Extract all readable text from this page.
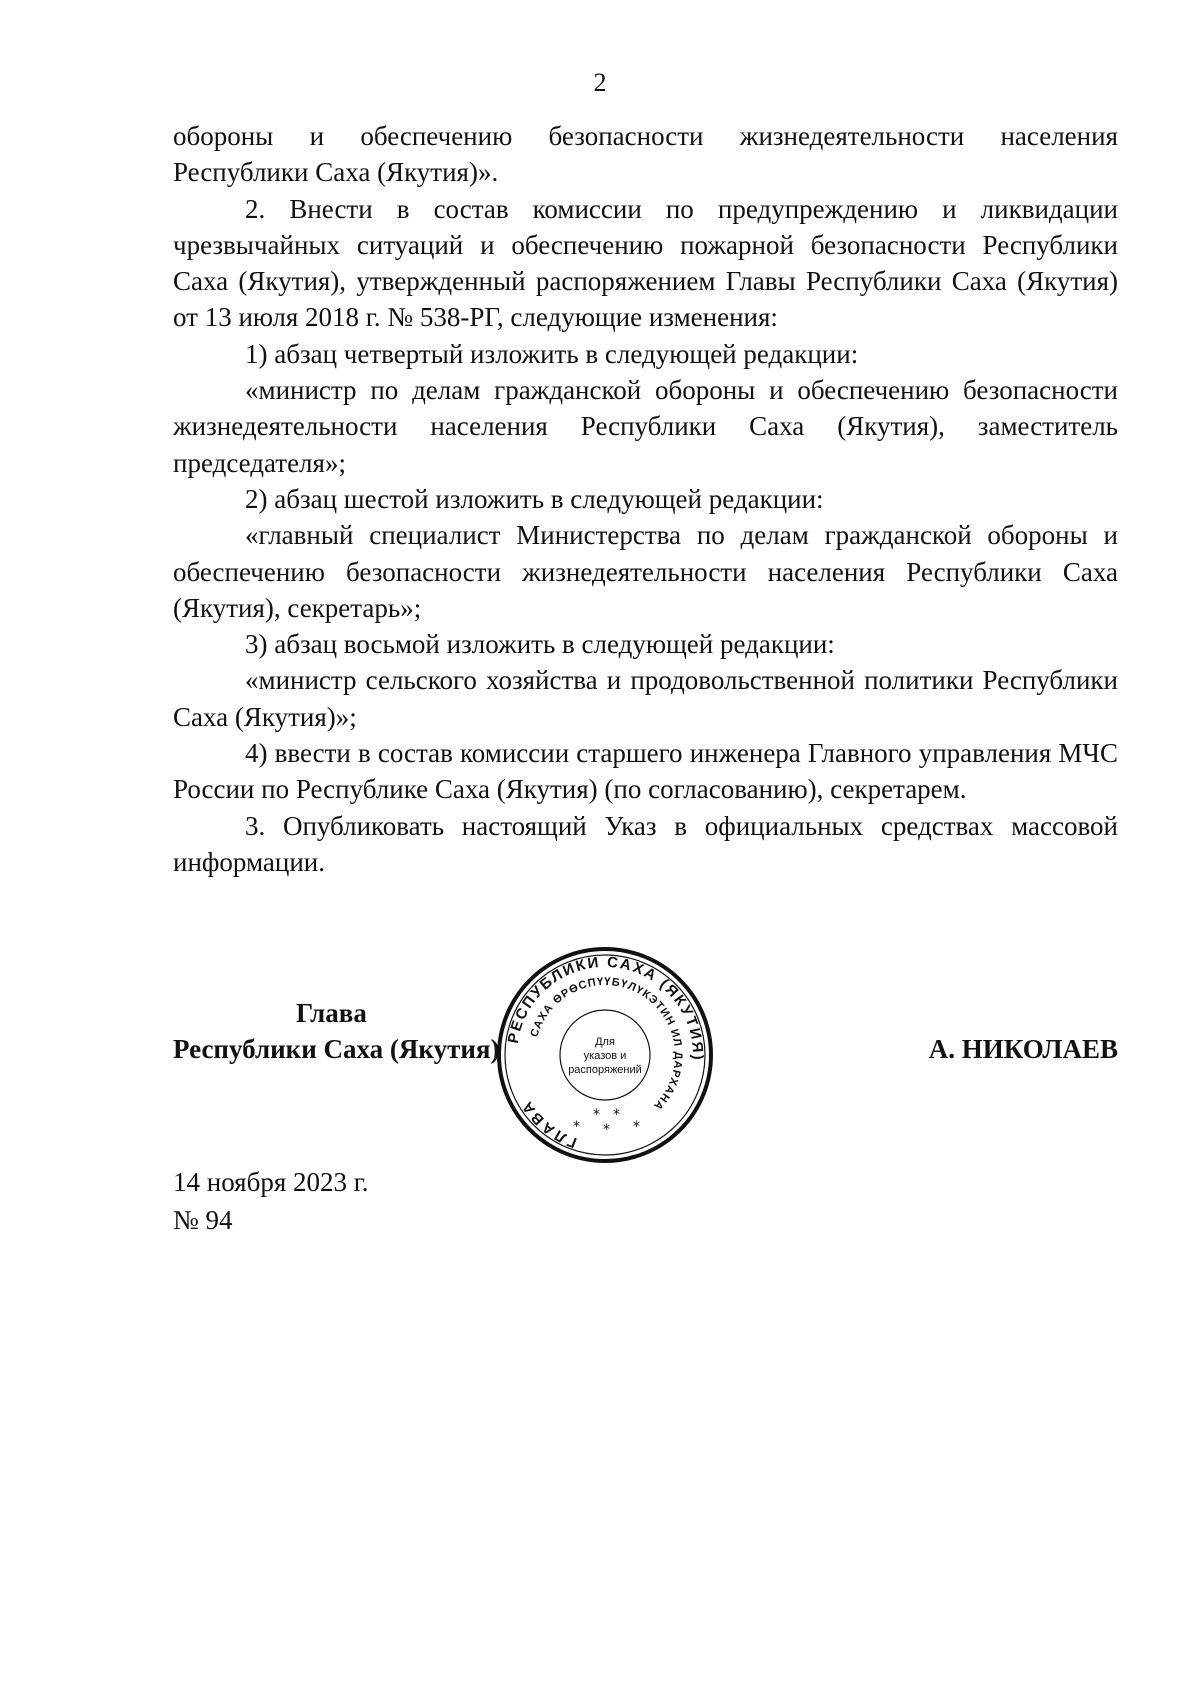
2

обороны и обеспечению безопасности жизнедеятельности населения

Республики Саха (Якутия)».

2. Внести в состав комиссии по предупреждению и ликвидации чрезвычайных ситуаций и обеспечению пожарной безопасности Республики Саха (Якутия), утвержденный распоряжением Главы Республики Саха (Якутия) от 13 июля 2018 г. № 538-РГ, следующие изменения:

1) абзац четвертый изложить в следующей редакции:

«министр по делам гражданской обороны и обеспечению безопасности жизнедеятельности населения Республики Саха (Якутия), заместитель председателя»;

2) абзац шестой изложить в следующей редакции:

«главный специалист Министерства по делам гражданской обороны и обеспечению безопасности жизнедеятельности населения Республики Саха (Якутия), секретарь»;

3) абзац восьмой изложить в следующей редакции:

«министр сельского хозяйства и продовольственной политики Республики Саха (Якутия)»;

4) ввести в состав комиссии старшего инженера Главного управления МЧС России по Республике Саха (Якутия) (по согласованию), секретарем.

3. Опубликовать настоящий Указ в официальных средствах массовой информации.

Глава
Республики Саха (Якутия) РЕСПУБЛИКИ САХА (ЯКУТИЯ)
ГЛАВА
САХА ӨРӨСПҮҮБҮЛҮКЭТИН ИЛ ДАРХАНА
Для
указов и
распоряжений
* *
* * *
А. НИКОЛАЕВ
14 ноября 2023 г.
№ 94
